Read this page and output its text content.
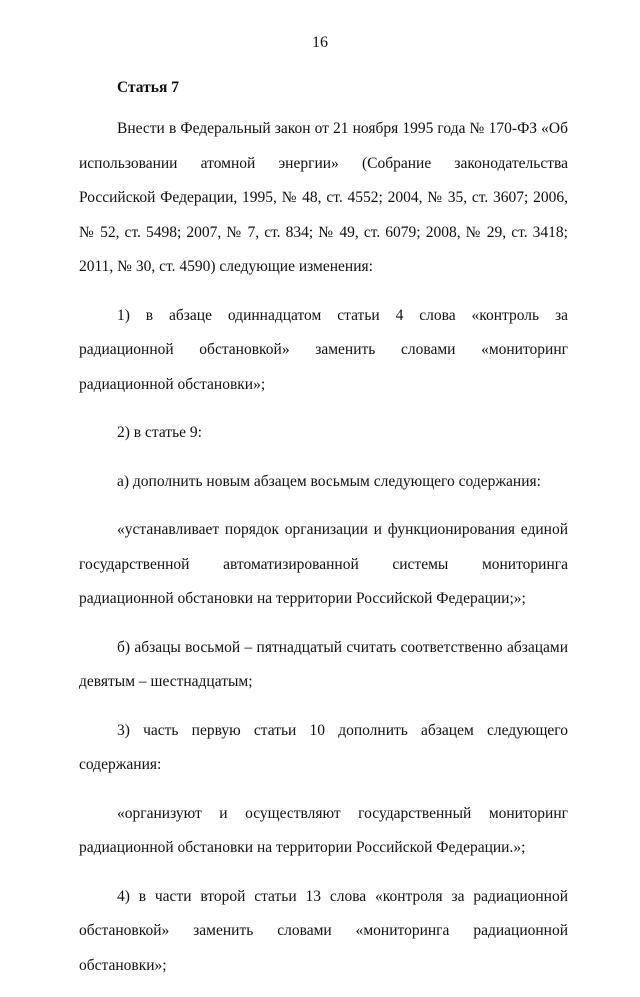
16
Статья 7

Внести в Федеральный закон от 21 ноября 1995 года № 170-ФЗ «Об использовании атомной энергии» (Собрание законодательства Российской Федерации, 1995, № 48, ст. 4552; 2004, № 35, ст. 3607; 2006, № 52, ст. 5498; 2007, № 7, ст. 834; № 49, ст. 6079; 2008, № 29, ст. 3418; 2011, № 30, ст. 4590) следующие изменения:

1) в абзаце одиннадцатом статьи 4 слова «контроль за радиационной обстановкой» заменить словами «мониторинг радиационной обстановки»;

2) в статье 9:

а) дополнить новым абзацем восьмым следующего содержания:

«устанавливает порядок организации и функционирования единой государственной автоматизированной системы мониторинга радиационной обстановки на территории Российской Федерации;»;

б) абзацы восьмой – пятнадцатый считать соответственно абзацами девятым – шестнадцатым;

3) часть первую статьи 10 дополнить абзацем следующего содержания:

«организуют и осуществляют государственный мониторинг радиационной обстановки на территории Российской Федерации.»;

4) в части второй статьи 13 слова «контроля за радиационной обстановкой» заменить словами «мониторинга радиационной обстановки»;
